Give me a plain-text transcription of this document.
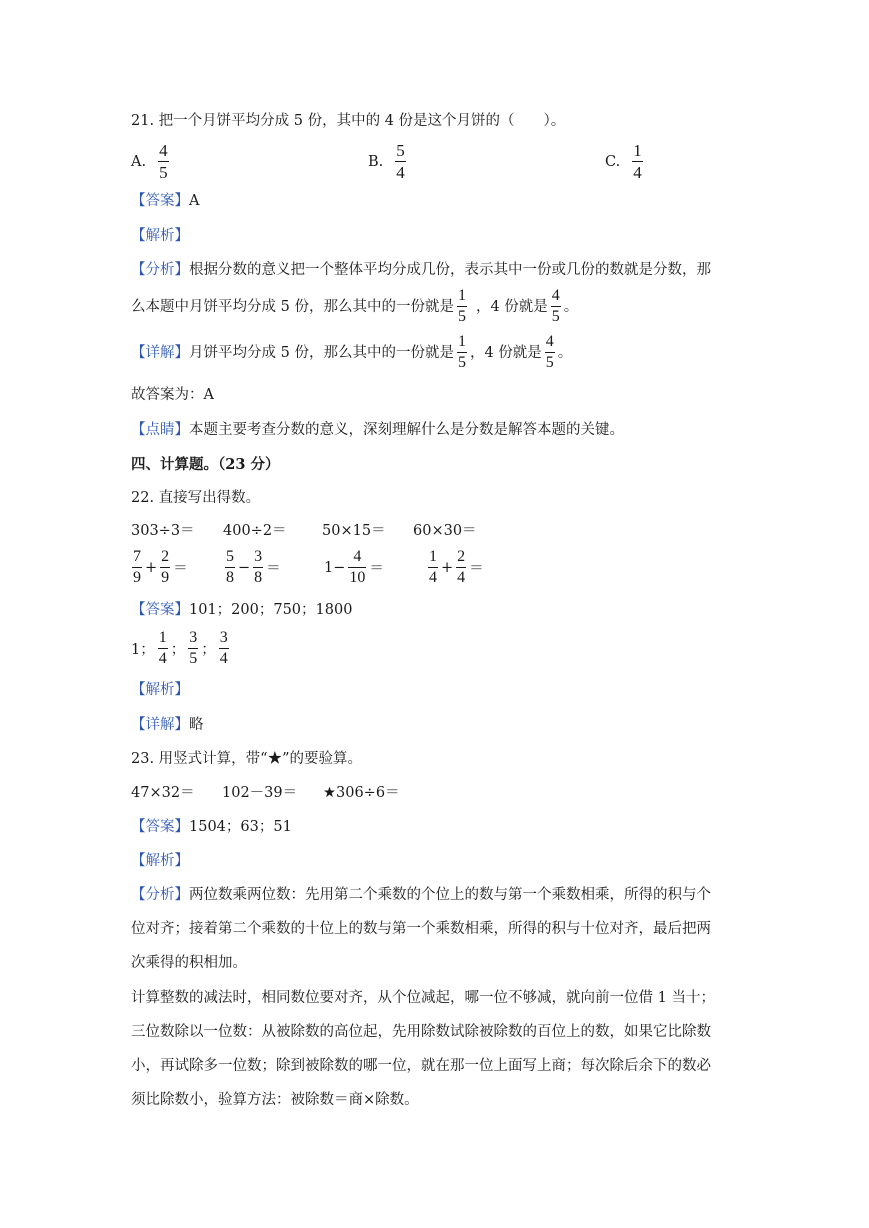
21. 把一个月饼平均分成 5 份，其中的 4 份是这个月饼的（　　）。
A. $\frac{4}{5}$	B. $\frac{5}{4}$	C. $\frac{1}{4}$
【答案】A
【解析】
【分析】根据分数的意义把一个整体平均分成几份，表示其中一份或几份的数就是分数，那
么本题中月饼平均分成 5 份，那么其中的一份就是 $\frac{1}{5}$ ，4 份就是 $\frac{4}{5}$ 。
【详解】 月饼平均分成 5 份，那么其中的一份就是 $\frac{1}{5}$ ，4 份就是 $\frac{4}{5}$ 。
故答案为：A
【点睛】本题主要考查分数的意义，深刻理解什么是分数是解答本题的关键。
四、计算题。（23 分）
22. 直接写出得数。
303÷3＝ 400÷2＝ 50×15＝ 60×30＝
$\frac{7}{9} + \frac{2}{9} = \frac{5}{8} - \frac{3}{8}$ ＝	$1- \frac{4}{10}$ ＝	$\frac{1}{4} + \frac{2}{4}$ ＝
【答案】101；200；750；1800
1； $\frac{1}{4}$ ； $\frac{3}{5}$ ； $\frac{3}{4}$
【解析】
【详解】略
23. 用竖式计算，带“★”的要验算。
47×32＝ 102－39＝ ★306÷6＝
【答案】1504；63；51
【解析】
【分析】两位数乘两位数：先用第二个乘数的个位上的数与第一个乘数相乘，所得的积与个
位对齐；接着第二个乘数的十位上的数与第一个乘数相乘，所得的积与十位对齐，最后把两
次乘得的积相加。
计算整数的减法时，相同数位要对齐，从个位减起，哪一位不够减，就向前一位借 1 当十；
三位数除以一位数：从被除数的高位起，先用除数试除被除数的百位上的数，如果它比除数
小，再试除多一位数；除到被除数的哪一位，就在那一位上面写上商；每次除后余下的数必
须比除数小，验算方法：被除数＝商×除数。
